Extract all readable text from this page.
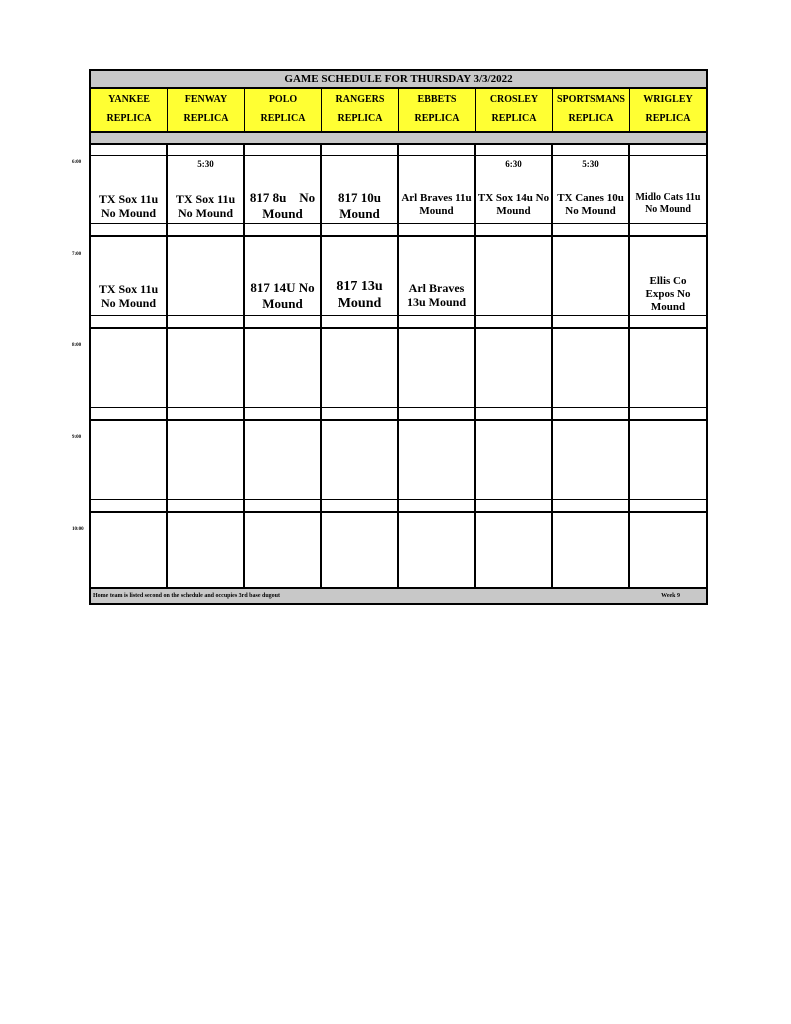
6:00
7:00
8:00
9:00
10:00
GAME SCHEDULE FOR THURSDAY 3/3/2022
YANKEE
REPLICA
FENWAY
REPLICA
POLO
REPLICA
RANGERS
REPLICA
EBBETS
REPLICA
CROSLEY
REPLICA
SPORTSMANS
REPLICA
WRIGLEY
REPLICA
TX Sox 11u No Mound
5:30
TX Sox 11u No Mound
817 8u    No Mound
817 10u Mound
Arl Braves 11u Mound
6:30
TX Sox 14u No Mound
5:30
TX Canes 10u No Mound
Midlo Cats 11u No Mound
TX Sox 11u No Mound
817 14U No Mound
817 13u Mound
Arl Braves 13u Mound
Ellis Co Expos No Mound
Home team is listed second on the schedule and occupies 3rd base dugout	Week 9
